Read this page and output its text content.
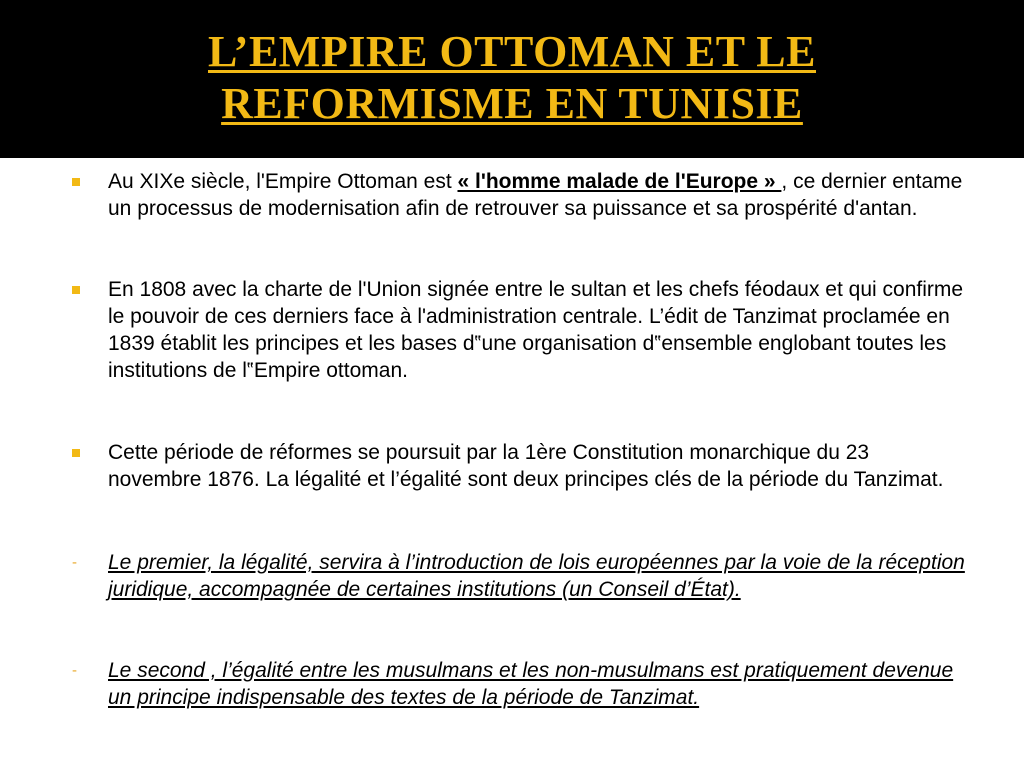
L’EMPIRE OTTOMAN ET LE
REFORMISME EN TUNISIE
Au XIXe siècle, l'Empire Ottoman est « l'homme malade de l'Europe » , ce dernier entame un processus de modernisation afin de retrouver sa puissance et sa prospérité d'antan.
En 1808 avec la charte de l'Union signée entre le sultan et les chefs féodaux et qui confirme le pouvoir de ces derniers face à l'administration centrale. L’édit de Tanzimat proclamée en 1839 établit les principes et les bases d‟une organisation d‟ensemble englobant toutes les institutions de l‟Empire ottoman.
Cette période de réformes se poursuit par la 1ère Constitution monarchique du 23 novembre 1876. La légalité et l’égalité sont deux principes clés de la période du Tanzimat.
- Le premier, la légalité, servira à l’introduction de lois européennes par la voie de la réception juridique, accompagnée de certaines institutions (un Conseil d’État).
- Le second , l’égalité entre les musulmans et les non-musulmans est pratiquement devenue un principe indispensable des textes de la période de Tanzimat.
